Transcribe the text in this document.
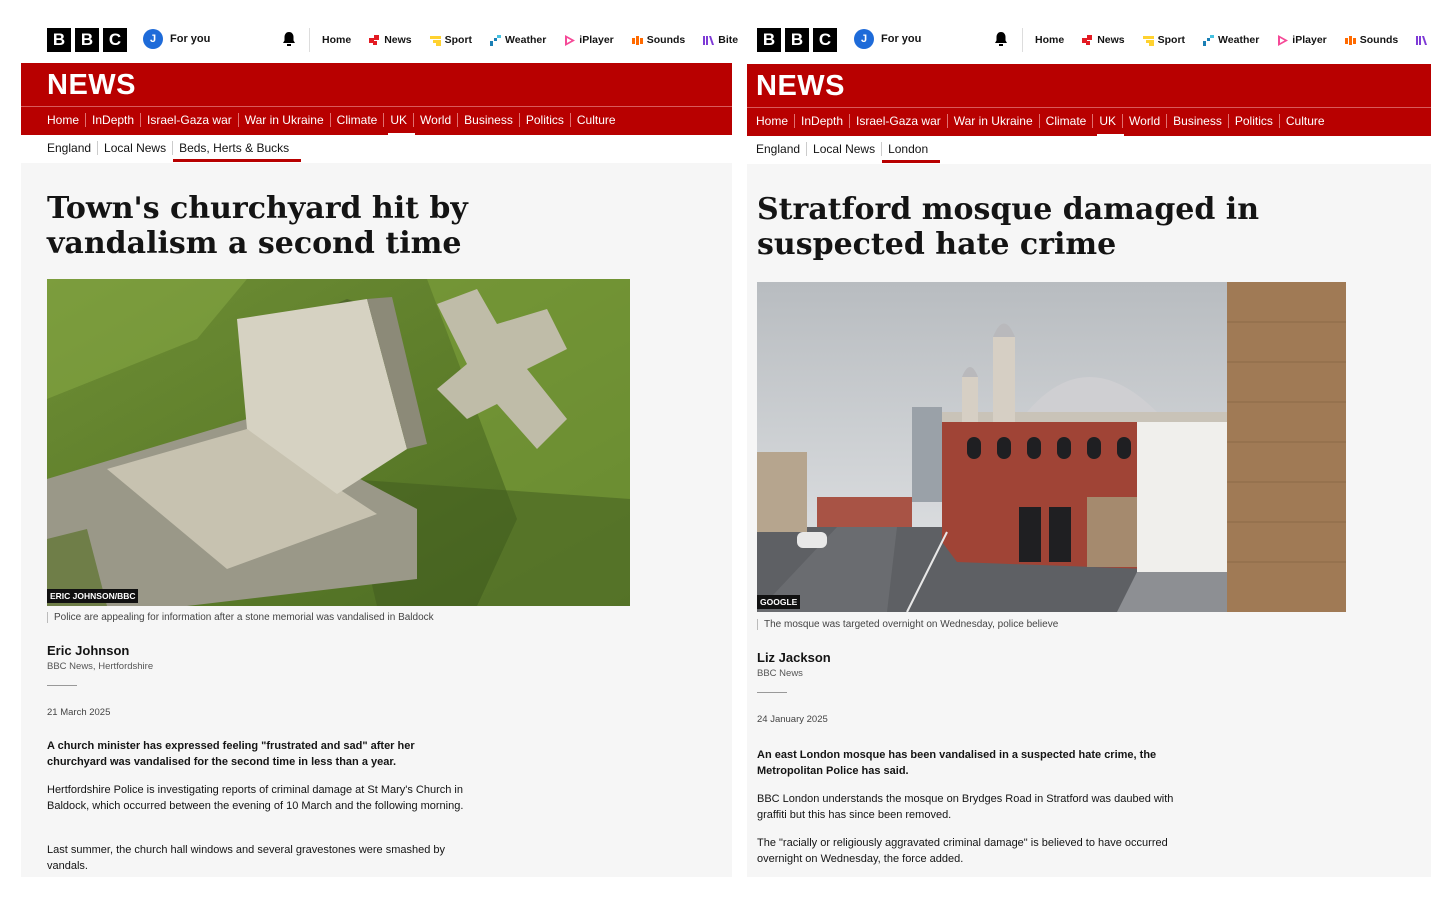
B B C	J	For you	Home	News	Sport	Weather	iPlayer	Sounds	Bite
NEWS
Home	InDepth	Israel-Gaza war	War in Ukraine	Climate	UK	World	Business	Politics	Culture
England	Local News	Beds, Herts & Bucks
Town's churchyard hit by vandalism a second time
ERIC JOHNSON/BBC
Police are appealing for information after a stone memorial was vandalised in Baldock
Eric Johnson
BBC News, Hertfordshire
21 March 2025
A church minister has expressed feeling "frustrated and sad" after her churchyard was vandalised for the second time in less than a year.
Hertfordshire Police is investigating reports of criminal damage at St Mary's Church in Baldock, which occurred between the evening of 10 March and the following morning.
Last summer, the church hall windows and several gravestones were smashed by vandals.
B B C	J	For you	Home	News	Sport	Weather	iPlayer	Sounds
NEWS
Home	InDepth	Israel-Gaza war	War in Ukraine	Climate	UK	World	Business	Politics	Culture
England	Local News	London
Stratford mosque damaged in suspected hate crime
GOOGLE
The mosque was targeted overnight on Wednesday, police believe
Liz Jackson
BBC News
24 January 2025
An east London mosque has been vandalised in a suspected hate crime, the Metropolitan Police has said.
BBC London understands the mosque on Brydges Road in Stratford was daubed with graffiti but this has since been removed.
The "racially or religiously aggravated criminal damage" is believed to have occurred overnight on Wednesday, the force added.
